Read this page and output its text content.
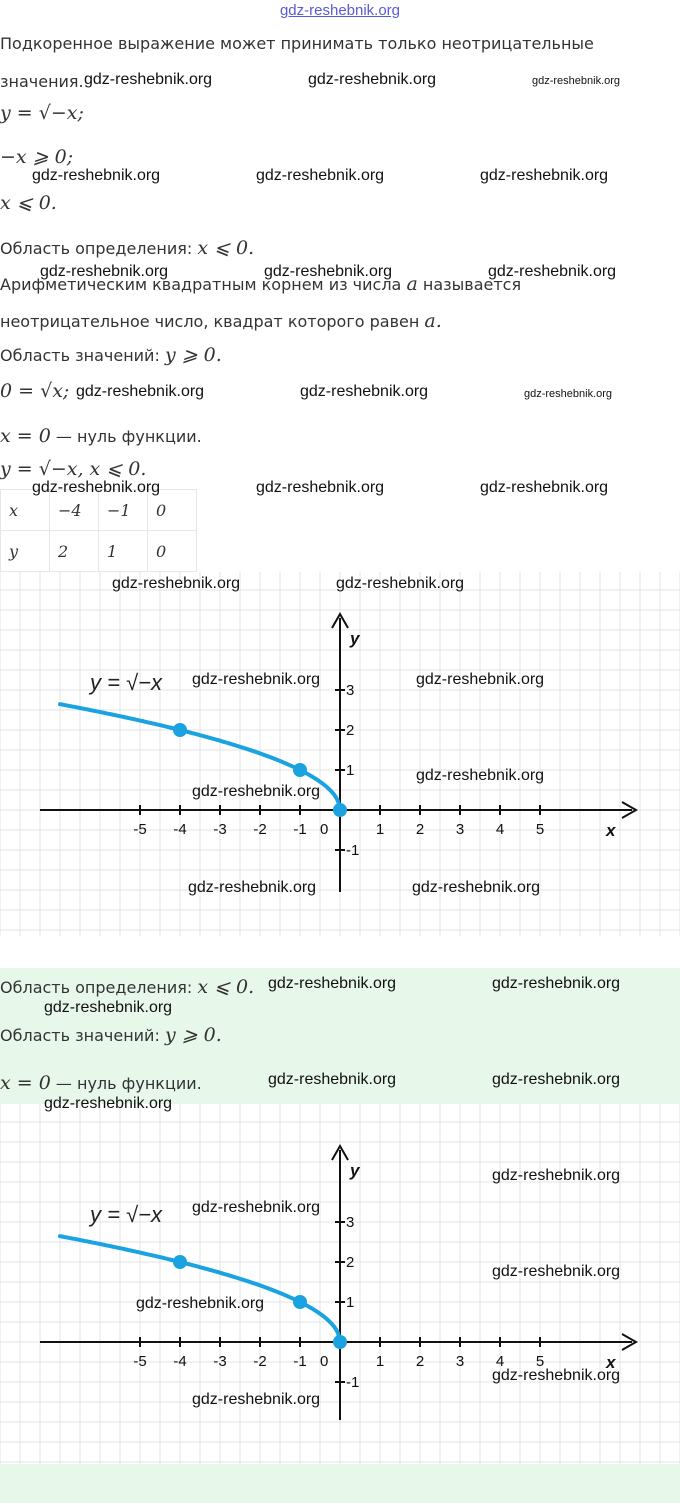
gdz-reshebnik.org
Подкоренное выражение может принимать только неотрицательные
значения.
y = √−x;
−x ⩾ 0;
x ⩽ 0.
Область определения: x ⩽ 0.
Арифметическим квадратным корнем из числа a называется
неотрицательное число, квадрат которого равен a.
Область значений: y ⩾ 0.
0 = √x;
x = 0 — нуль функции.
y = √−x, x ⩽ 0.
x	−4	−1	0
y	2	1	0
-5 -4 -3 -2 -1	1 2 3 4 5
3
2
1
-1
0	x
y
y = √−x
Область определения: x ⩽ 0.
Область значений: y ⩾ 0.
x = 0 — нуль функции.
-5 -4 -3 -2 -1	1 2 3 4 5
3
2
1
-1
0	x
y
y = √−x
gdz-reshebnik.org	gdz-reshebnik.org	gdz-reshebnik.org
gdz-reshebnik.org	gdz-reshebnik.org	gdz-reshebnik.org
gdz-reshebnik.org	gdz-reshebnik.org	gdz-reshebnik.org
gdz-reshebnik.org	gdz-reshebnik.org	gdz-reshebnik.org
gdz-reshebnik.org	gdz-reshebnik.org	gdz-reshebnik.org
gdz-reshebnik.org	gdz-reshebnik.org
gdz-reshebnik.org	gdz-reshebnik.org
gdz-reshebnik.org
gdz-reshebnik.org
gdz-reshebnik.org	gdz-reshebnik.org
gdz-reshebnik.org	gdz-reshebnik.org
gdz-reshebnik.org
gdz-reshebnik.org	gdz-reshebnik.org
gdz-reshebnik.org
gdz-reshebnik.org
gdz-reshebnik.org
gdz-reshebnik.org
gdz-reshebnik.org
gdz-reshebnik.org
gdz-reshebnik.org
